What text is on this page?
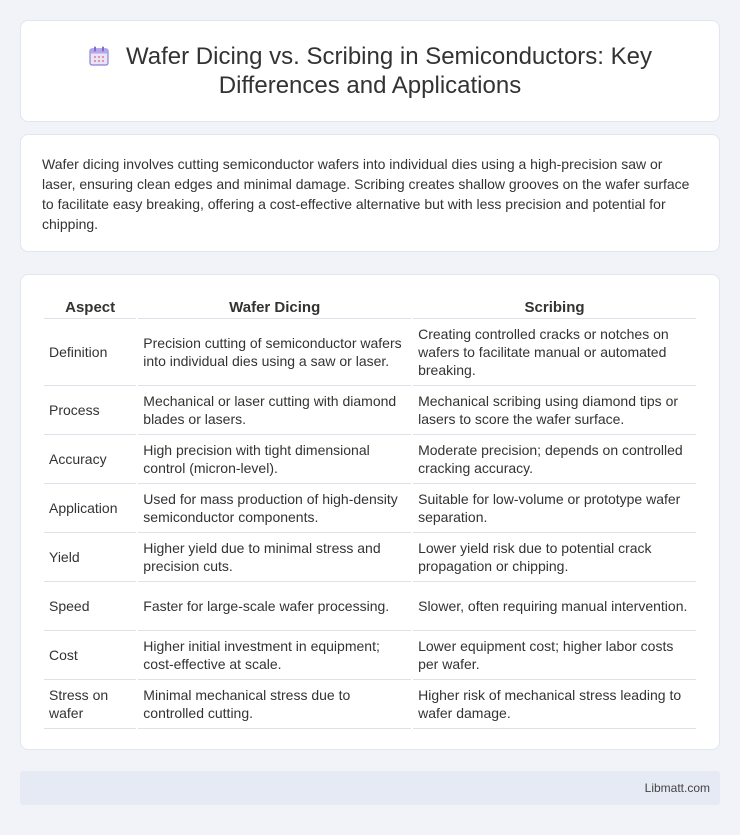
Wafer Dicing vs. Scribing in Semiconductors: Key Differences and Applications

Wafer dicing involves cutting semiconductor wafers into individual dies using a high-precision saw or laser, ensuring clean edges and minimal damage. Scribing creates shallow grooves on the wafer surface to facilitate easy breaking, offering a cost-effective alternative but with less precision and potential for chipping.

Aspect	Wafer Dicing	Scribing
Definition	Precision cutting of semiconductor wafers into individual dies using a saw or laser.	Creating controlled cracks or notches on wafers to facilitate manual or automated breaking.
Process	Mechanical or laser cutting with diamond blades or lasers.	Mechanical scribing using diamond tips or lasers to score the wafer surface.
Accuracy	High precision with tight dimensional control (micron-level).	Moderate precision; depends on controlled cracking accuracy.
Application	Used for mass production of high-density semiconductor components.	Suitable for low-volume or prototype wafer separation.
Yield	Higher yield due to minimal stress and precision cuts.	Lower yield risk due to potential crack propagation or chipping.
Speed	Faster for large-scale wafer processing.	Slower, often requiring manual intervention.
Cost	Higher initial investment in equipment; cost-effective at scale.	Lower equipment cost; higher labor costs per wafer.
Stress on wafer	Minimal mechanical stress due to controlled cutting.	Higher risk of mechanical stress leading to wafer damage.
Libmatt.com
